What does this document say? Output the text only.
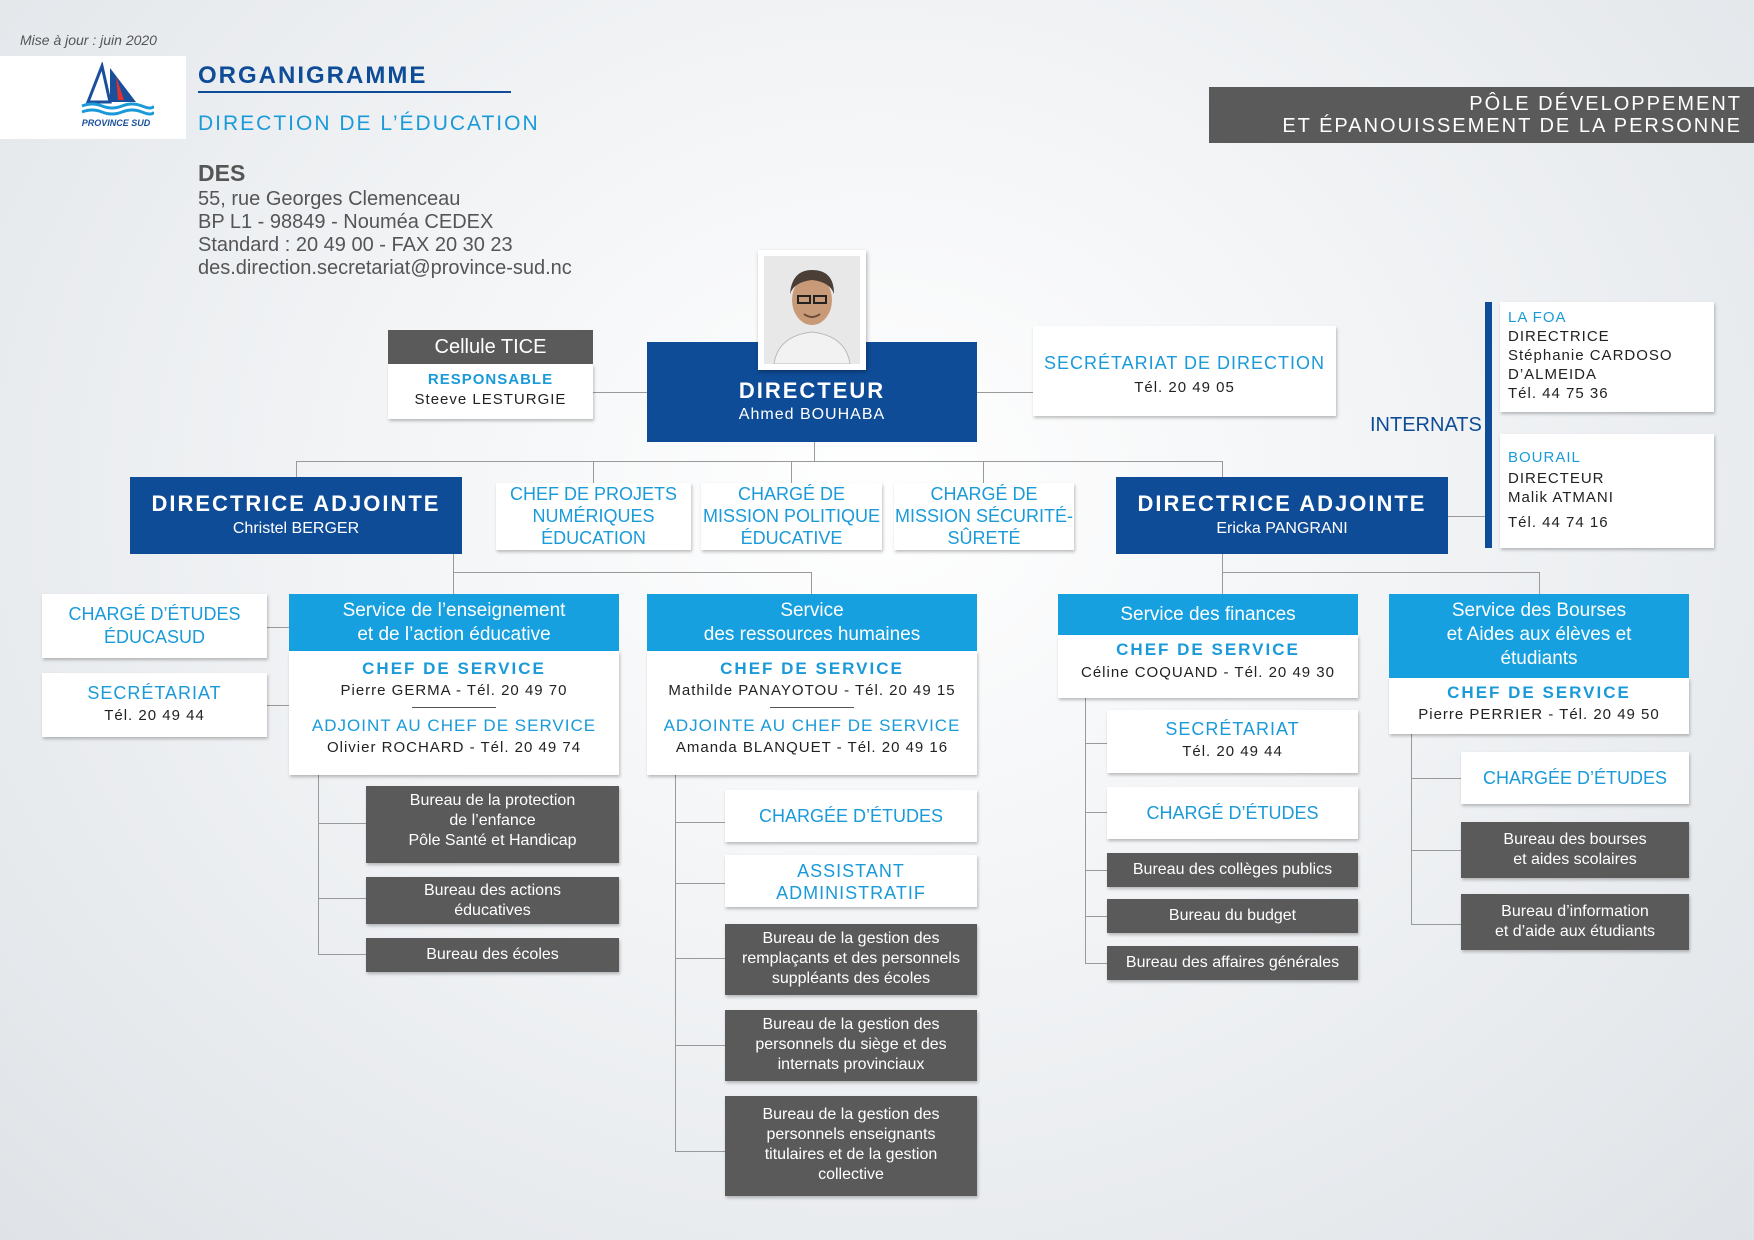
Mise à jour : juin 2020
PROVINCE SUD
ORGANIGRAMME
DIRECTION DE L’ÉDUCATION
DES
55, rue Georges Clemenceau
BP L1 - 98849 - Nouméa CEDEX
Standard : 20 49 00 - FAX 20 30 23
des.direction.secretariat@province-sud.nc
PÔLE DÉVELOPPEMENT
ET ÉPANOUISSEMENT DE LA PERSONNE
Cellule TICE
RESPONSABLE
Steeve LESTURGIE	DIRECTEUR
Ahmed BOUHABA
SECRÉTARIAT DE DIRECTION
Tél. 20 49 05
INTERNATS
LA FOA
DIRECTRICE
Stéphanie CARDOSO
D’ALMEIDA
Tél. 44 75 36
BOURAIL
DIRECTEUR
Malik ATMANI
Tél. 44 74 16
DIRECTRICE ADJOINTE
Christel BERGER
DIRECTRICE ADJOINTE
Ericka PANGRANI
CHEF DE PROJETS
NUMÉRIQUES
ÉDUCATION
CHARGÉ DE
MISSION POLITIQUE
ÉDUCATIVE
CHARGÉ DE
MISSION SÉCURITÉ-
SÛRETÉ
CHARGÉ D’ÉTUDES
ÉDUCASUD
SECRÉTARIAT
Tél. 20 49 44
Service de l’enseignement
et de l’action éducative
CHEF DE SERVICE
Pierre GERMA - Tél. 20 49 70
ADJOINT AU CHEF DE SERVICE
Olivier ROCHARD - Tél. 20 49 74
Bureau de la protection
de l’enfance
Pôle Santé et Handicap
Bureau des actions
éducatives
Bureau des écoles
Service
des ressources humaines
CHEF DE SERVICE
Mathilde PANAYOTOU - Tél. 20 49 15
ADJOINTE AU CHEF DE SERVICE
Amanda BLANQUET - Tél. 20 49 16
CHARGÉE D’ÉTUDES
ASSISTANT
ADMINISTRATIF
Bureau de la gestion des
remplaçants et des personnels
suppléants des écoles
Bureau de la gestion des
personnels du siège et des
internats provinciaux
Bureau de la gestion des
personnels enseignants
titulaires et de la gestion
collective
Service des finances
CHEF DE SERVICE
Céline COQUAND - Tél. 20 49 30
SECRÉTARIAT
Tél. 20 49 44
CHARGÉ D’ÉTUDES
Bureau des collèges publics
Bureau du budget
Bureau des affaires générales
Service des Bourses
et Aides aux élèves et
étudiants
CHEF DE SERVICE
Pierre PERRIER - Tél. 20 49 50
CHARGÉE D’ÉTUDES
Bureau des bourses
et aides scolaires
Bureau d’information
et d’aide aux étudiants
